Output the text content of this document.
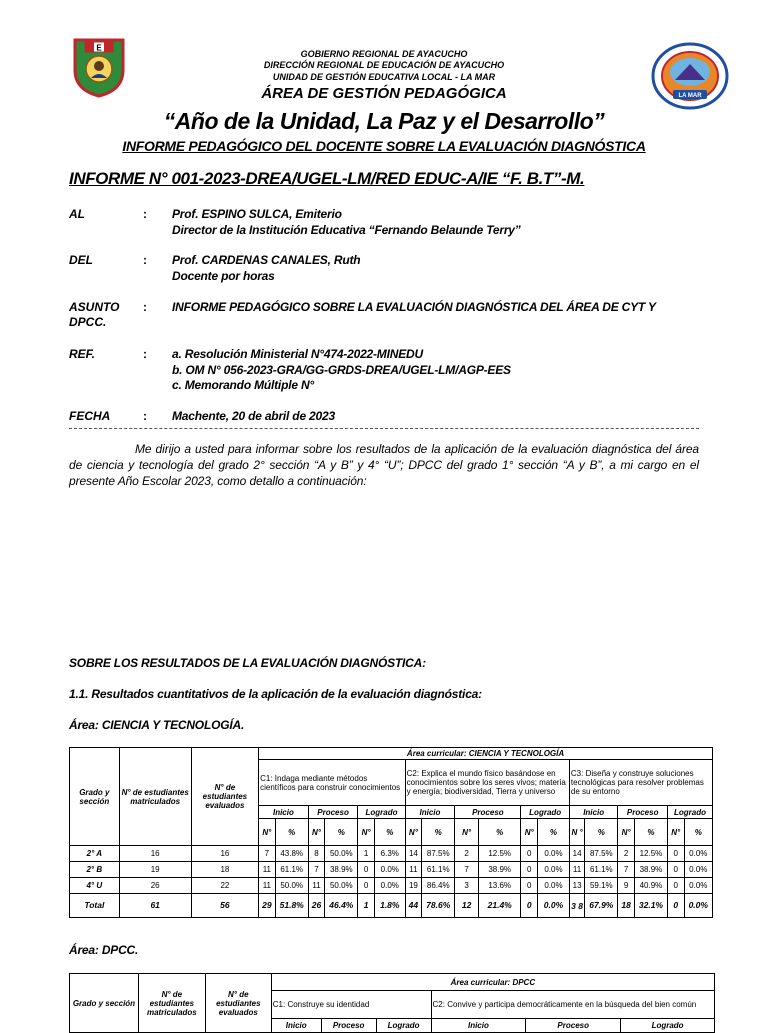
E
LA MAR
GOBIERNO REGIONAL DE AYACUCHO
DIRECCIÓN REGIONAL DE EDUCACIÓN DE AYACUCHO
UNIDAD DE GESTIÓN EDUCATIVA LOCAL - LA MAR
ÁREA DE GESTIÓN PEDAGÓGICA
“Año de la Unidad, La Paz y el Desarrollo”
INFORME PEDAGÓGICO DEL DOCENTE SOBRE LA EVALUACIÓN DIAGNÓSTICA
INFORME N° 001-2023-DREA/UGEL-LM/RED EDUC-A/IE “F. B.T”-M.
AL	: Prof. ESPINO SULCA, Emiterio
Director de la Institución Educativa “Fernando Belaunde Terry”
DEL	: Prof. CARDENAS CANALES, Ruth
Docente por horas
ASUNTO
DPCC.
: INFORME PEDAGÓGICO SOBRE LA EVALUACIÓN DIAGNÓSTICA DEL ÁREA DE CYT Y
REF.	: a. Resolución Ministerial N°474-2022-MINEDU
b. OM N° 056-2023-GRA/GG-GRDS-DREA/UGEL-LM/AGP-EES
c. Memorando Múltiple N°
FECHA	: Machente, 20 de abril de 2023
Me dirijo a usted para informar sobre los resultados de la aplicación de la evaluación diagnóstica del área de ciencia y tecnología del grado 2° sección “A y B” y 4° “U”; DPCC del grado 1° sección “A y B”, a mi cargo en el presente Año Escolar 2023, como detallo a continuación:
SOBRE LOS RESULTADOS DE LA EVALUACIÓN DIAGNÓSTICA:
1.1. Resultados cuantitativos de la aplicación de la evaluación diagnóstica:
Área: CIENCIA Y TECNOLOGÍA.
Grado y sección	N° de estudiantes matriculados	N° de estudiantes evaluados	Área curricular: CIENCIA Y TECNOLOGÍA																	
			C1: Indaga mediante métodos científicos para construir conocimientos						C2: Explica el mundo físico basándose en conocimientos sobre los seres vivos; materia y energía; biodiversidad, Tierra y universo						C3: Diseña y construye soluciones tecnológicas para resolver problemas de su entorno					
			Inicio		Proceso		Logrado		Inicio		Proceso		Logrado		Inicio		Proceso		Logrado	
			N°	%	N°	%	N°	%	N°	%	N°	%	N°	%	N °	%	N°	%	N°	%
2° A	16	16	7	43.8%	8	50.0%	1	6.3%	14	87.5%	2	12.5%	0	0.0%	14	87.5%	2	12.5%	0	0.0%
2° B	19	18	11	61.1%	7	38.9%	0	0.0%	11	61.1%	7	38.9%	0	0.0%	11	61.1%	7	38.9%	0	0.0%
4° U	26	22	11	50.0%	11	50.0%	0	0.0%	19	86.4%	3	13.6%	0	0.0%	13	59.1%	9	40.9%	0	0.0%
Total	61	56	29	51.8%	26	46.4%	1	1.8%	44	78.6%	12	21.4%	0	0.0%	3 8	67.9%	18	32.1%	0	0.0%
Área: DPCC.
Grado y sección	N° de estudiantes matriculados	N° de estudiantes evaluados	Área curricular: DPCC					
			C1: Construye su identidad			C2: Convive y participa democráticamente en la búsqueda del bien común		
			Inicio	Proceso	Logrado	Inicio	Proceso	Logrado
